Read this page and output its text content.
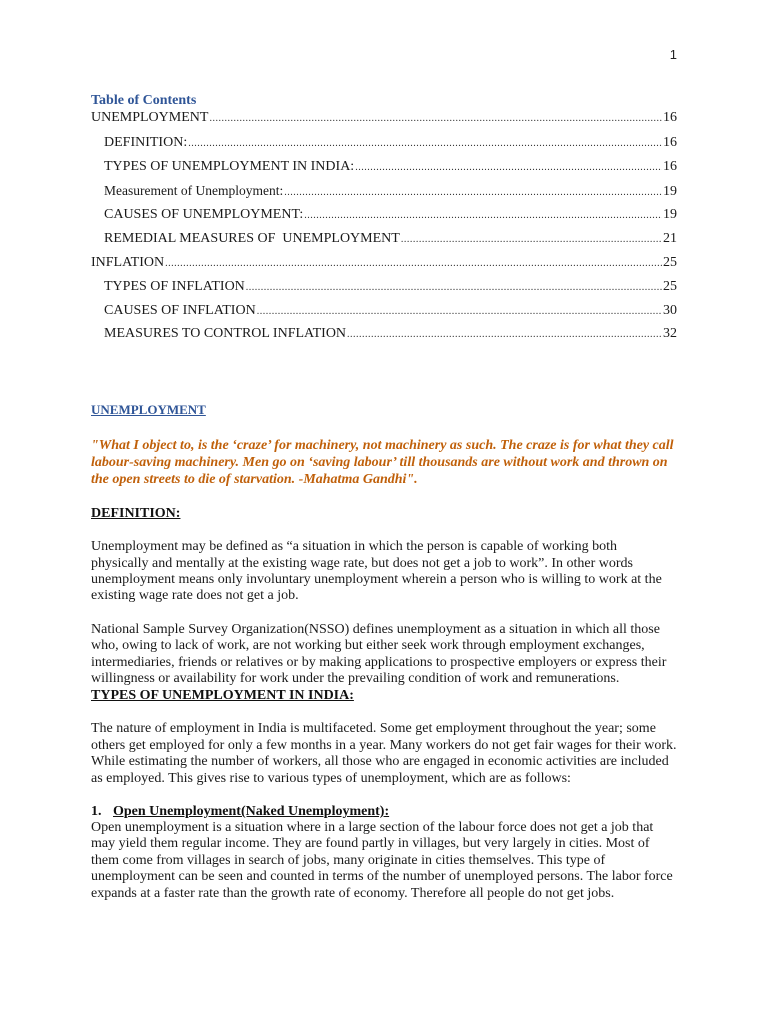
1
Table of Contents
UNEMPLOYMENT .....	16
DEFINITION: .....	16
TYPES OF UNEMPLOYMENT IN INDIA: .....	16
Measurement of Unemployment: .....	19
CAUSES OF UNEMPLOYMENT: .....	19
REMEDIAL MEASURES OF  UNEMPLOYMENT .....	21
INFLATION .....	25
TYPES OF INFLATION .....	25
CAUSES OF INFLATION .....	30
MEASURES TO CONTROL INFLATION .....	32
UNEMPLOYMENT

"What I object to, is the ‘craze’ for machinery, not machinery as such. The craze is for what they call labour-saving machinery. Men go on ‘saving labour’ till thousands are without work and thrown on the open streets to die of starvation. -Mahatma Gandhi".

DEFINITION:

Unemployment may be defined as “a situation in which the person is capable of working both physically and mentally at the existing wage rate, but does not get a job to work”. In other words unemployment means only involuntary unemployment wherein a person who is willing to work at the existing wage rate does not get a job.

National Sample Survey Organization(NSSO) defines unemployment as a situation in which all those who, owing to lack of work, are not working but either seek work through employment exchanges, intermediaries, friends or relatives or by making applications to prospective employers or express their willingness or availability for work under the prevailing condition of work and remunerations.

TYPES OF UNEMPLOYMENT IN INDIA:

The nature of employment in India is multifaceted. Some get employment throughout the year; some others get employed for only a few months in a year. Many workers do not get fair wages for their work. While estimating the number of workers, all those who are engaged in economic activities are included as employed. This gives rise to various types of unemployment, which are as follows:

1. Open Unemployment(Naked Unemployment):

Open unemployment is a situation where in a large section of the labour force does not get a job that may yield them regular income. They are found partly in villages, but very largely in cities. Most of them come from villages in search of jobs, many originate in cities themselves. This type of unemployment can be seen and counted in terms of the number of unemployed persons. The labor force expands at a faster rate than the growth rate of economy. Therefore all people do not get jobs.
